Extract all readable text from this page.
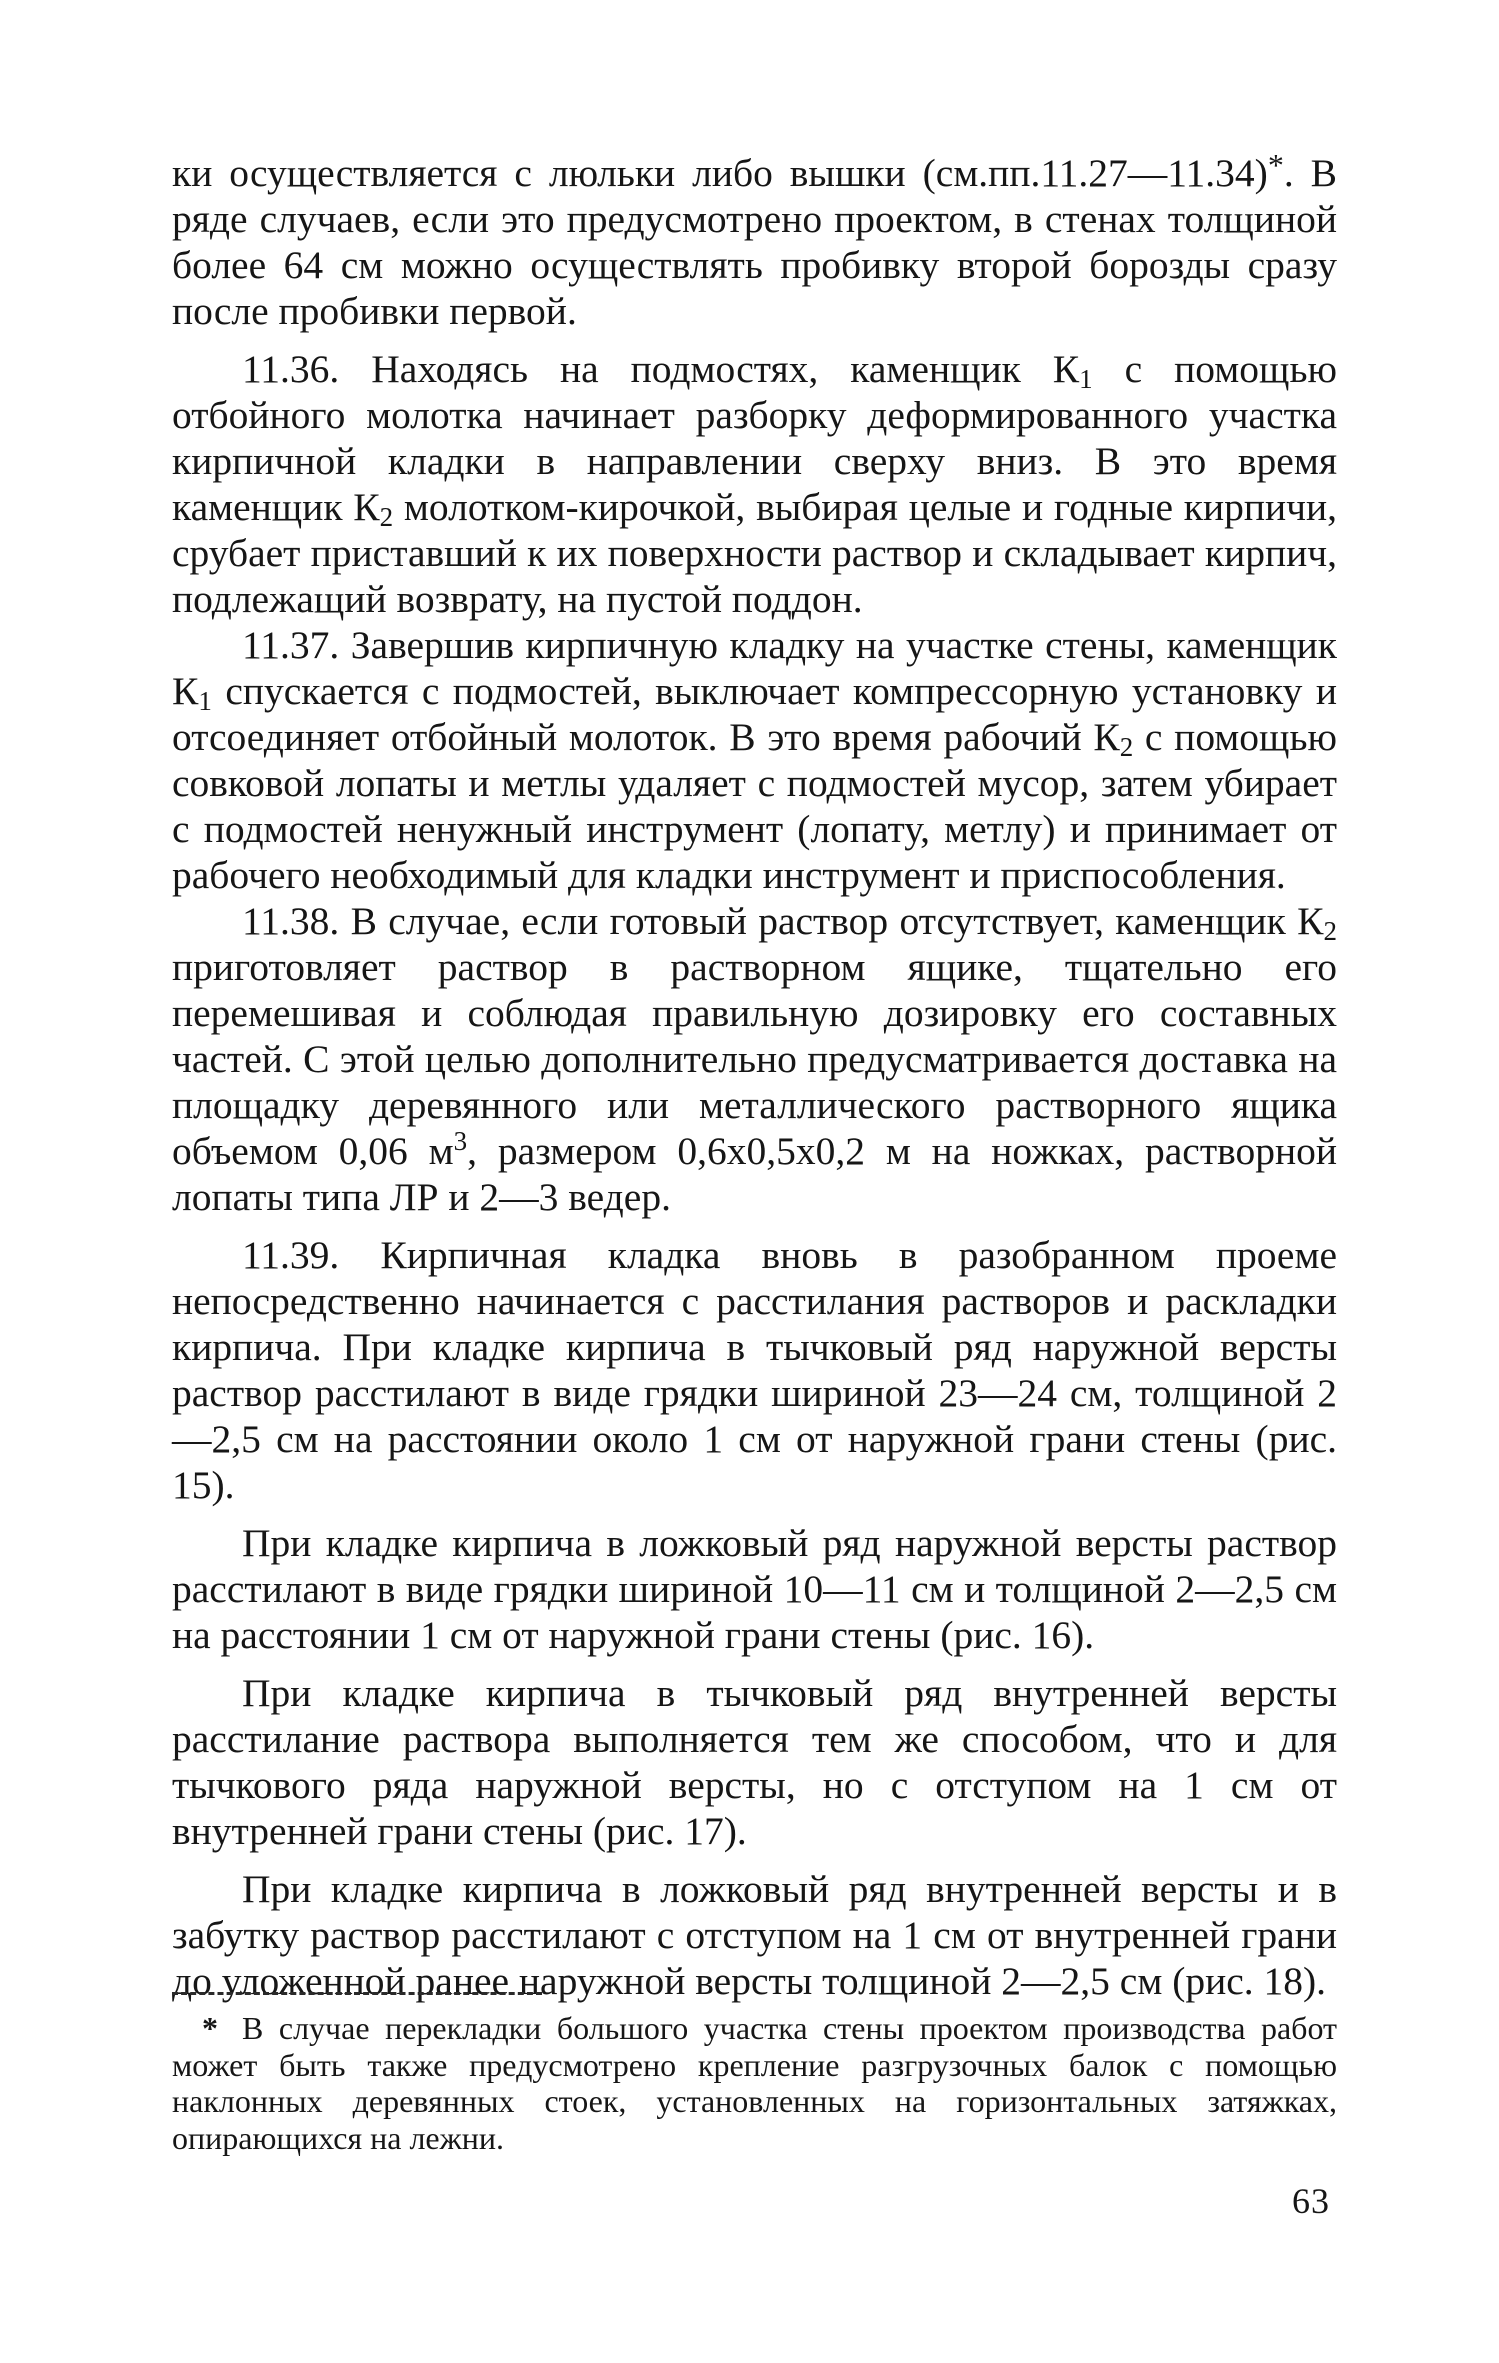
ки осуществляется с люльки либо вышки (см.пп.11.27—11.34)*. В ряде случаев, если это предусмотрено проектом, в стенах толщиной более 64 см можно осуществлять пробивку второй борозды сразу после пробивки первой.

11.36. Находясь на подмостях, каменщик $К_1$ с помощью отбойного молотка начинает разборку деформированного участка кирпичной кладки в направлении сверху вниз. В это время каменщик $К_2$ молотком-кирочкой, выбирая целые и годные кирпичи, срубает приставший к их поверхности раствор и складывает кирпич, подлежащий возврату, на пустой поддон.

11.37. Завершив кирпичную кладку на участке стены, каменщик $К_1$ спускается с подмостей, выключает компрессорную установку и отсоединяет отбойный молоток. В это время рабочий $К_2$ с помощью совковой лопаты и метлы удаляет с подмостей мусор, затем убирает с подмостей ненужный инструмент (лопату, метлу) и принимает от рабочего необходимый для кладки инструмент и приспособления.

11.38. В случае, если готовый раствор отсутствует, каменщик $К_2$ приготовляет раствор в растворном ящике, тщательно его перемешивая и соблюдая правильную дозировку его составных частей. С этой целью дополнительно предусматривается доставка на площадку деревянного или металлического растворного ящика объемом 0,06 $м^3$, размером 0,6х0,5х0,2 м на ножках, растворной лопаты типа ЛР и 2—3 ведер.

11.39. Кирпичная кладка вновь в разобранном проеме непосредственно начинается с расстилания растворов и раскладки кирпича. При кладке кирпича в тычковый ряд наружной версты раствор расстилают в виде грядки шириной 23—24 см, толщиной 2—2,5 см на расстоянии около 1 см от наружной грани стены (рис. 15).

При кладке кирпича в ложковый ряд наружной версты раствор расстилают в виде грядки шириной 10—11 см и толщиной 2—2,5 см на расстоянии 1 см от наружной грани стены (рис. 16).

При кладке кирпича в тычковый ряд внутренней версты расстилание раствора выполняется тем же способом, что и для тычкового ряда наружной версты, но с отступом на 1 см от внутренней грани стены (рис. 17).

При кладке кирпича в ложковый ряд внутренней версты и в забутку раствор расстилают с отступом на 1 см от внутренней грани до уложенной ранее наружной версты толщиной 2—2,5 см (рис. 18).

* В случае перекладки большого участка стены проектом производства работ может быть также предусмотрено крепление разгрузочных балок с помощью наклонных деревянных стоек, установленных на горизонтальных затяжках, опирающихся на лежни.

63
